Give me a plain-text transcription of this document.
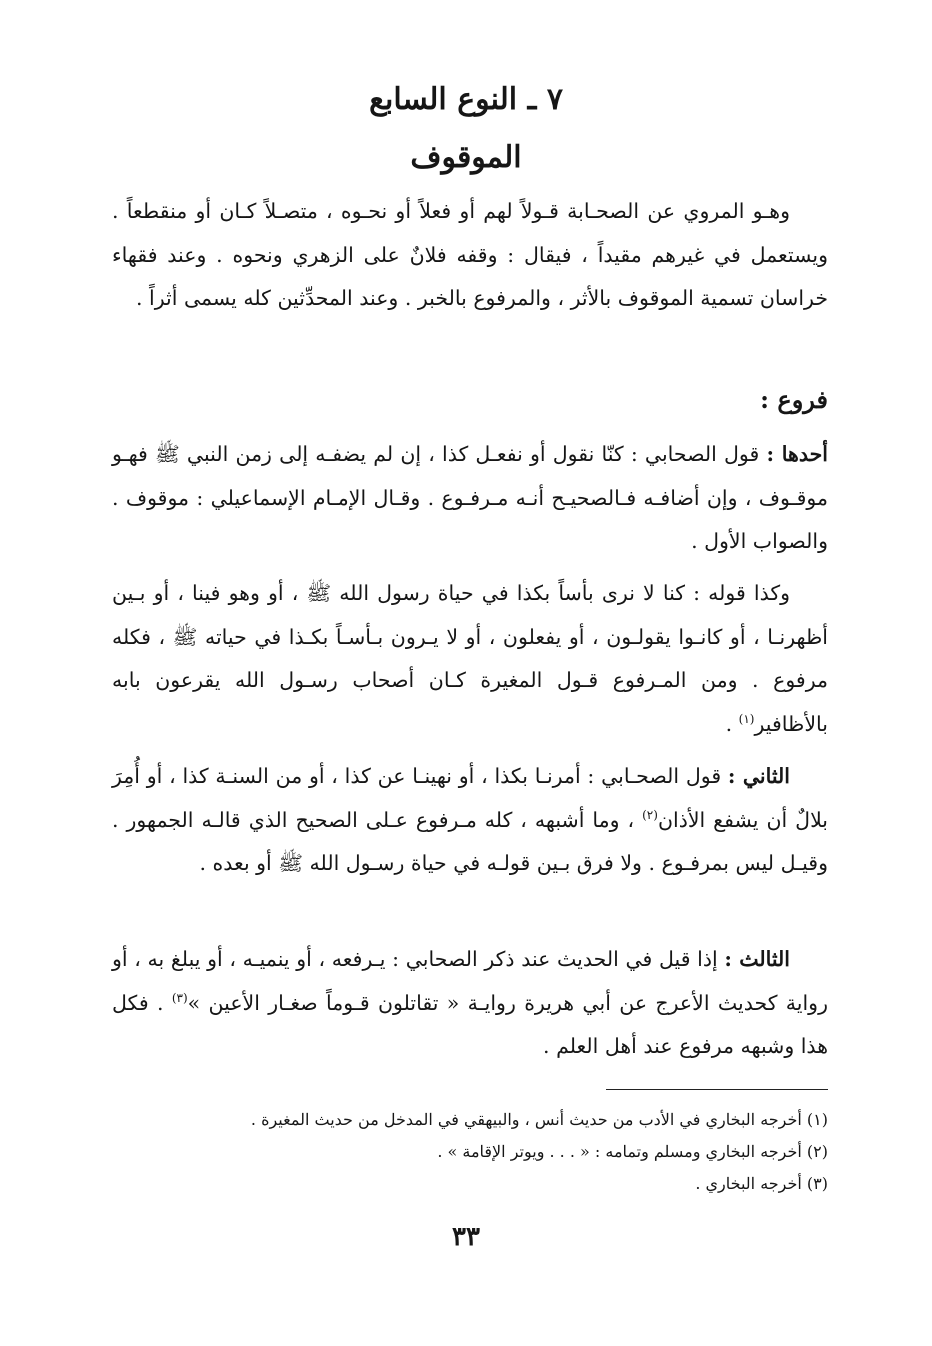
٧ ـ النوع السابع
الموقوف

وهـو المروي عن الصحـابة قـولاً لهم أو فعلاً أو نحـوه ، متصـلاً كـان أو منقطعاً . ويستعمل في غيرهم مقيداً ، فيقال : وقفه فلانٌ على الزهري ونحوه . وعند فقهاء خراسان تسمية الموقوف بالأثر ، والمرفوع بالخبر . وعند المحدِّثين كله يسمى أثراً .

فروع :

أحدها : قول الصحابي : كنّا نقول أو نفعـل كذا ، إن لم يضفـه إلى زمن النبي ﷺ فهـو موقـوف ، وإن أضافـه فـالصحيـح أنـه مـرفـوع . وقـال الإمـام الإسماعيلي : موقوف . والصواب الأول .

وكذا قوله : كنا لا نرى بأساً بكذا في حياة رسول الله ﷺ ، أو وهو فينا ، أو بـين أظهرنـا ، أو كانـوا يقولـون ، أو يفعلون ، أو لا يـرون بـأسـاً بكـذا في حياته ﷺ ، فكله مرفوع . ومن المـرفوع قـول المغيرة كـان أصحاب رسـول الله يقرعون بابه بالأظافير$^{(١)}$ .

الثاني : قول الصحـابي : أمرنـا بكذا ، أو نهينـا عن كذا ، أو من السنـة كذا ، أو أُمِرَ بلالٌ أن يشفع الأذان$^{(٢)}$ ، وما أشبهه ، كله مـرفوع عـلى الصحيح الذي قالـه الجمهور . وقيـل ليس بمرفـوع . ولا فرق بـين قولـه في حياة رسـول الله ﷺ أو بعده .

الثالث : إذا قيل في الحديث عند ذكر الصحابي : يـرفعه ، أو ينميـه ، أو يبلغ به ، أو رواية كحديث الأعرج عن أبي هريرة روايـة « تقاتلون قـوماً صغـار الأعين »$^{(٣)}$ . فكل هذا وشبهه مرفوع عند أهل العلم .

(١) أخرجه البخاري في الأدب من حديث أنس ، والبيهقي في المدخل من حديث المغيرة .
(٢) أخرجه البخاري ومسلم وتمامه : « . . . ويوتر الإقامة » .
(٣) أخرجه البخاري .
٣٣
